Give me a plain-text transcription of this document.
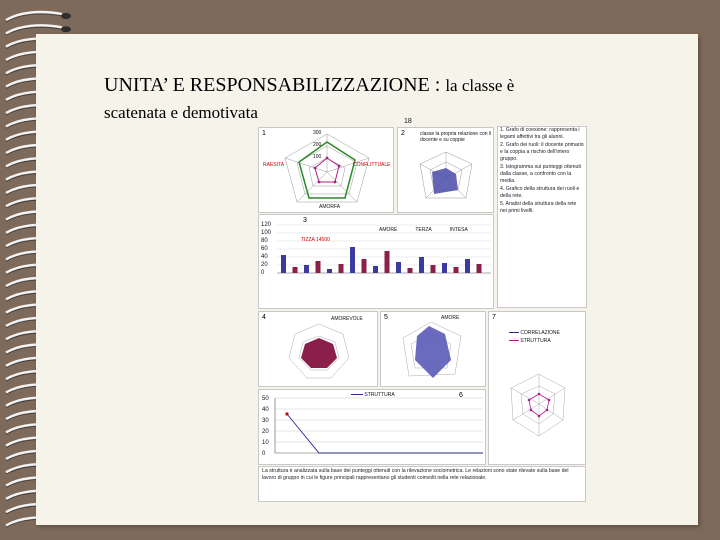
UNITA’ E RESPONSABILIZZAZIONE : la classe è
scatenata e demotivata	18
1	300
200
100
RAESITA	CONFLITTUALE
AMORFA
2	classe la propria relazione con il docente e su coppie

1. Grafo di coesione: rappresenta i legami affettivi tra gli alunni.

2. Grafo dei ruoli: il docente primario e la coppia a rischio dell'intero gruppo.

3. Istogramma sui punteggi ottenuti dalla classe, a confronto con la media.

4. Grafico della struttura dei ruoli e della rete.

5. Analisi della struttura della rete nei primi livelli.

3
AMORE	TERZA	INTESA
TIZZA 14500
120
100
80
60
40
20
0
4	AMOREVOLE	5	AMORE	7
CORRELAZIONE
STRUTTURA
6
STRUTTURA
50
40
30
20
10
0

La struttura è analizzata sulla base dei punteggi ottenuti con la rilevazione sociometrica. Le relazioni sono state rilevate sulla base del lavoro di gruppo in cui le figure principali rappresentano gli studenti coinvolti nella rete relazionale.
